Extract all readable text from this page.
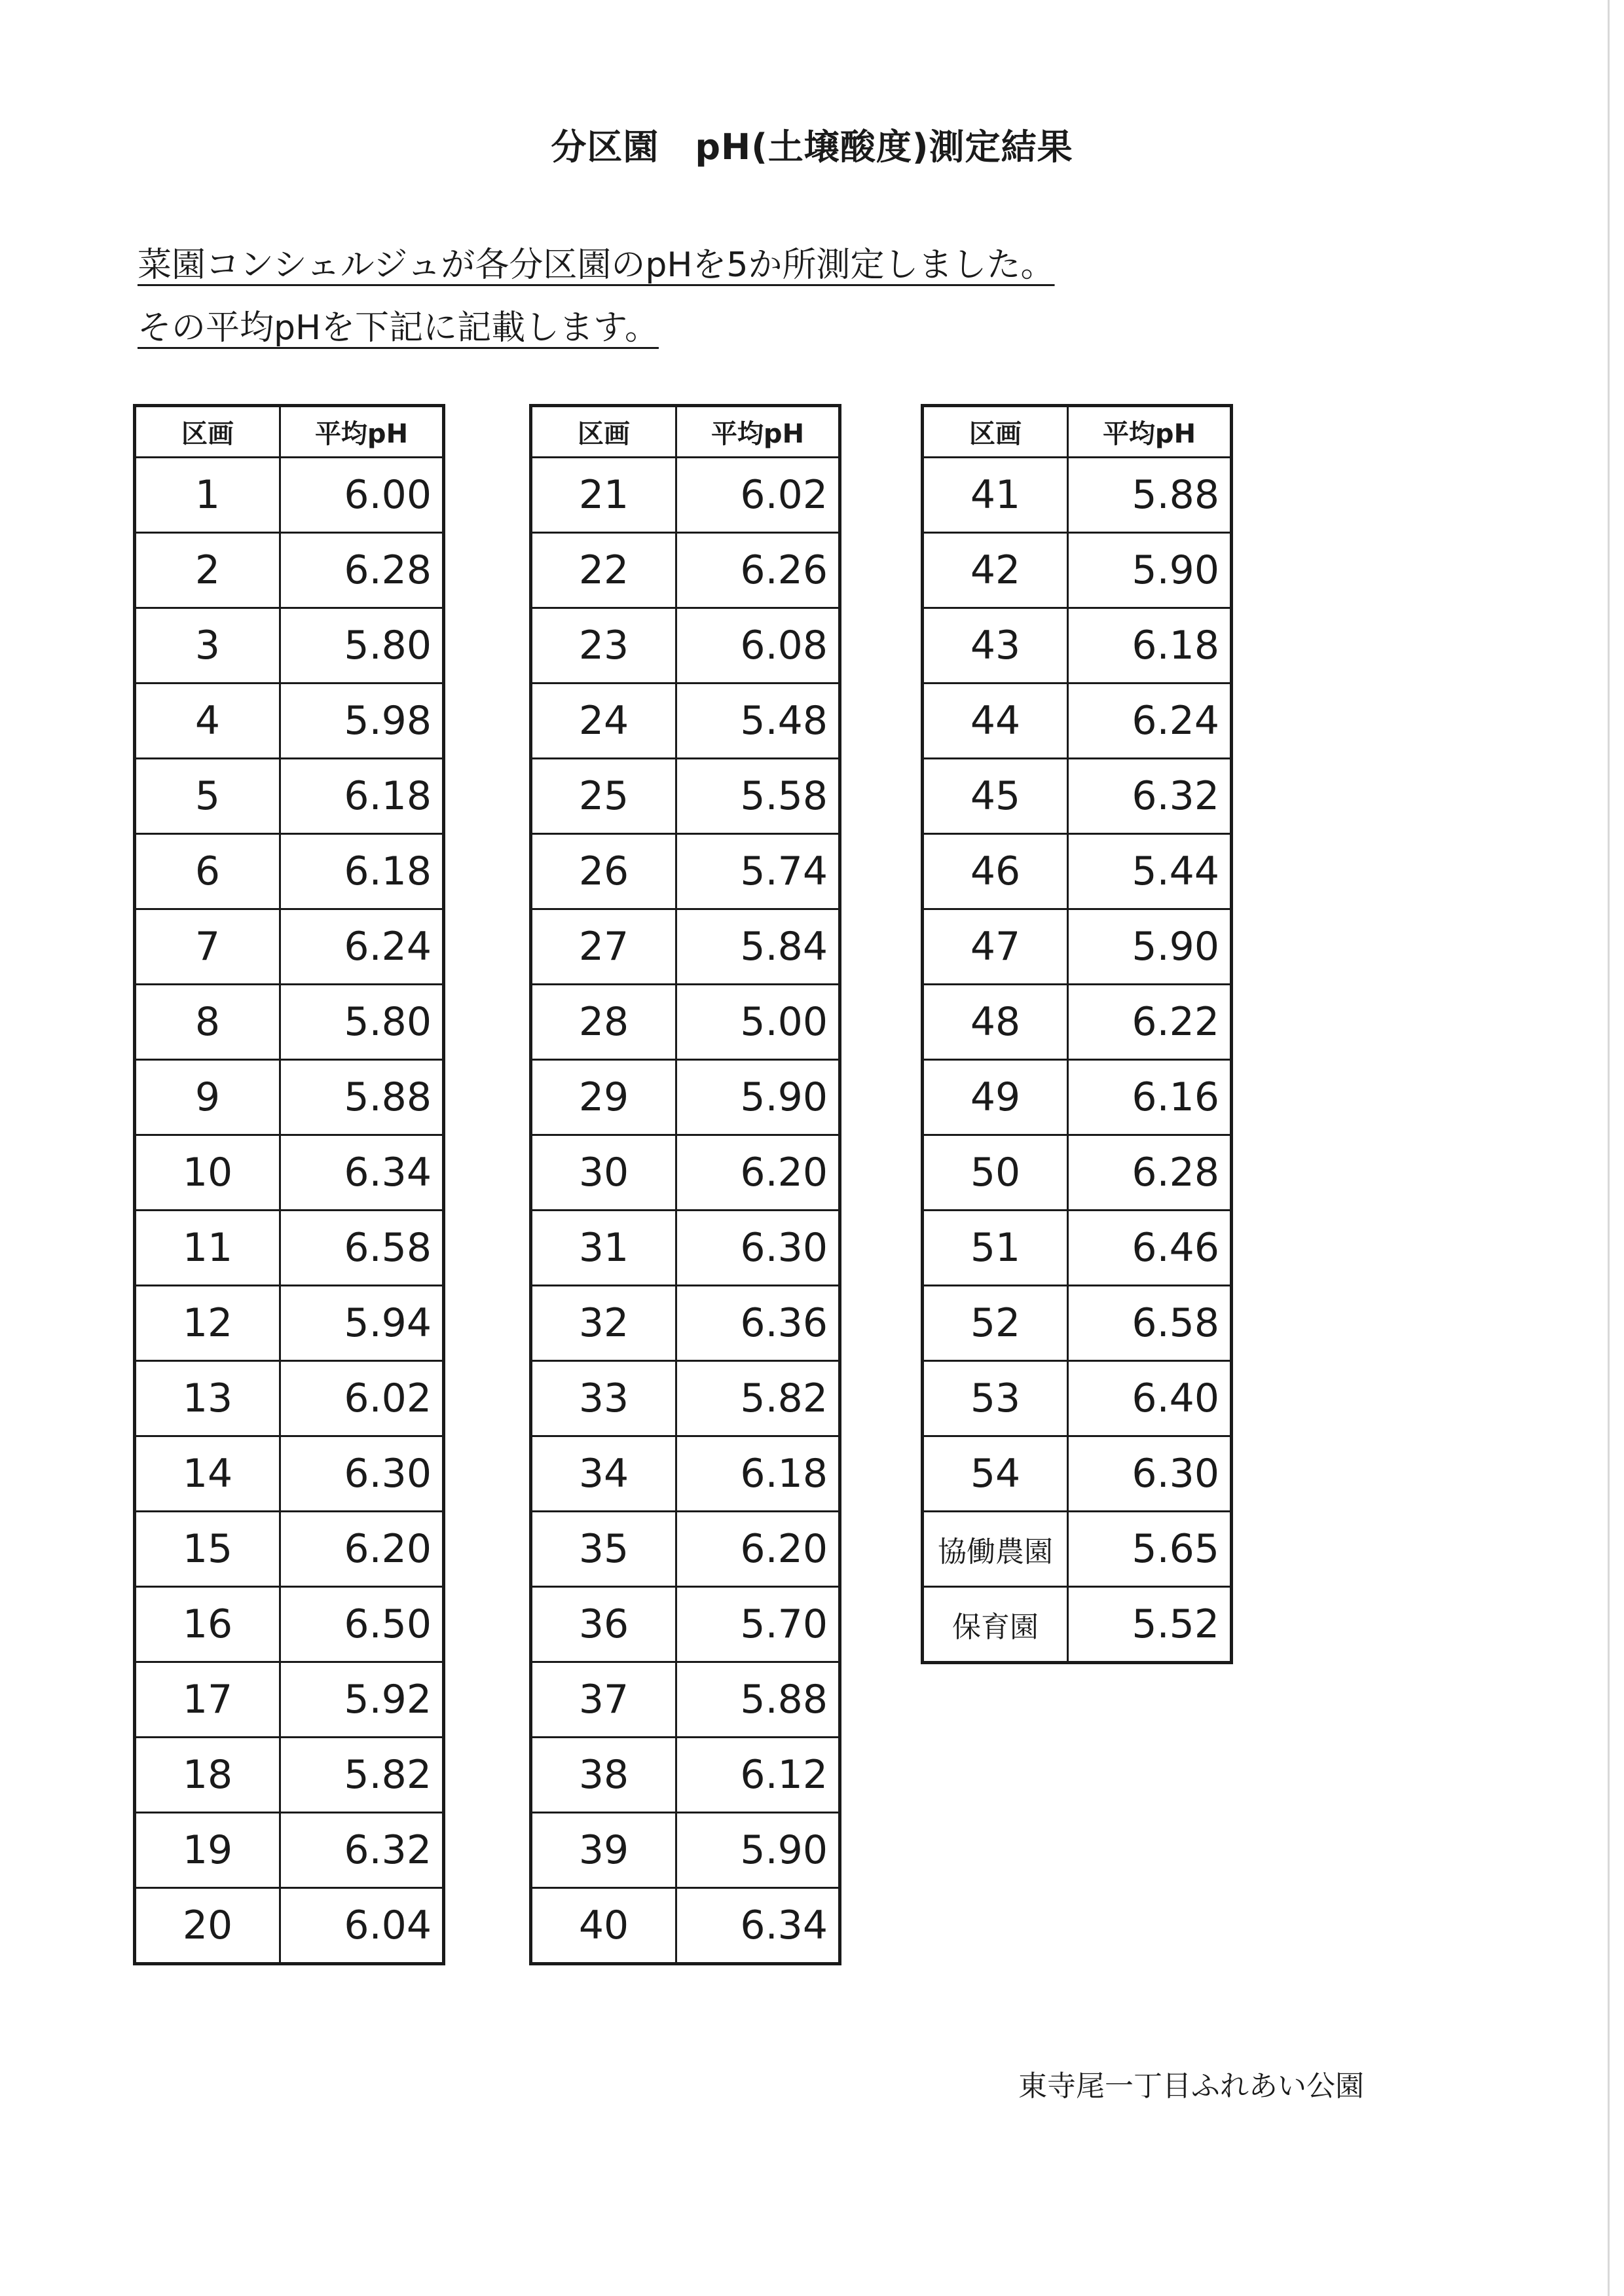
分区園　pH(土壌酸度)測定結果
菜園コンシェルジュが各分区園のpHを5か所測定しました。
その平均pHを下記に記載します。
区画	平均pH
1	6.00
2	6.28
3	5.80
4	5.98
5	6.18
6	6.18
7	6.24
8	5.80
9	5.88
10	6.34
11	6.58
12	5.94
13	6.02
14	6.30
15	6.20
16	6.50
17	5.92
18	5.82
19	6.32
20	6.04
区画	平均pH
21	6.02
22	6.26
23	6.08
24	5.48
25	5.58
26	5.74
27	5.84
28	5.00
29	5.90
30	6.20
31	6.30
32	6.36
33	5.82
34	6.18
35	6.20
36	5.70
37	5.88
38	6.12
39	5.90
40	6.34
区画	平均pH
41	5.88
42	5.90
43	6.18
44	6.24
45	6.32
46	5.44
47	5.90
48	6.22
49	6.16
50	6.28
51	6.46
52	6.58
53	6.40
54	6.30
協働農園	5.65
保育園	5.52
東寺尾一丁目ふれあい公園
